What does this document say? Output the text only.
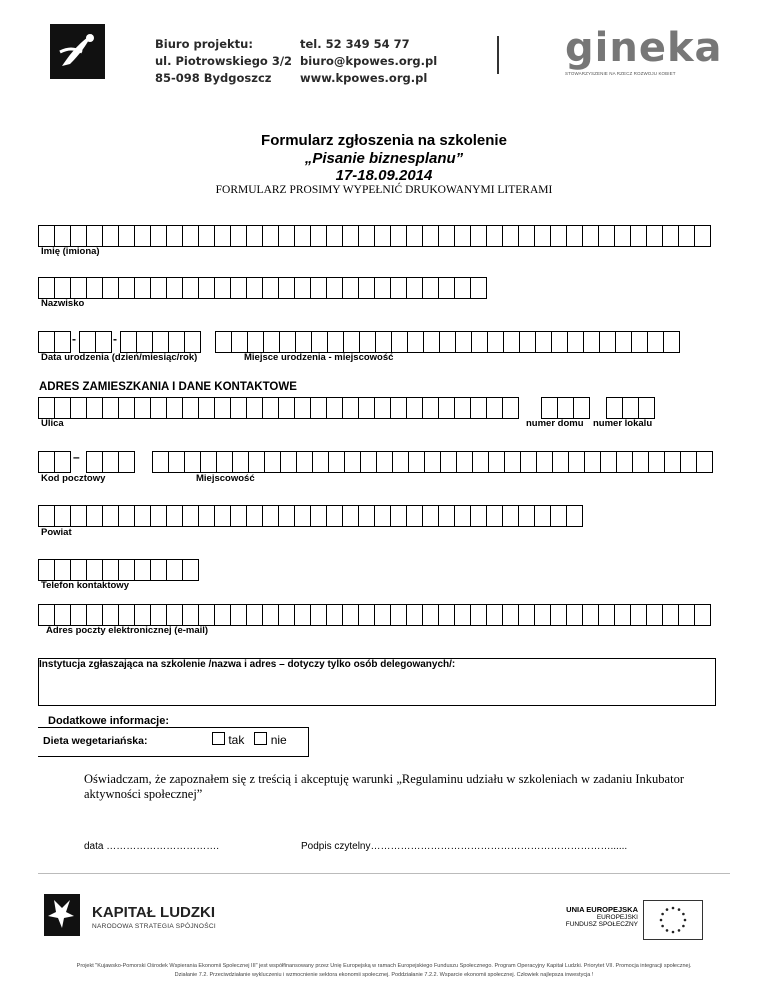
Biuro projektu:
ul. Piotrowskiego 3/2
85-098 Bydgoszcz
tel. 52 349 54 77
biuro@kpowes.org.pl
www.kpowes.org.pl
gineka
STOWARZYSZENIE NA RZECZ ROZWOJU KOBIET
Formularz zgłoszenia na szkolenie
„Pisanie biznesplanu”
17-18.09.2014
FORMULARZ PROSIMY WYPEŁNIĆ DRUKOWANYMI LITERAMI
Imię (imiona)
Nazwisko
-	-
Data urodzenia (dzień/miesiąc/rok)	Miejsce urodzenia - miejscowość
ADRES ZAMIESZKANIA I DANE KONTAKTOWE
Ulica	numer domu numer lokalu
–
Kod pocztowy	Miejscowość
Powiat
Telefon kontaktowy
Adres poczty elektronicznej (e-mail)
Instytucja zgłaszająca na szkolenie /nazwa i adres – dotyczy tylko osób delegowanych/:
Dodatkowe informacje:
Dieta wegetariańska:	tak nie
Oświadczam, że zapoznałem się z treścią i akceptuję warunki „Regulaminu udziału w szkoleniach w zadaniu Inkubator aktywności społecznej”
data …………………………….	Podpis czytelny………………………………………………………………......
KAPITAŁ LUDZKI
NARODOWA STRATEGIA SPÓJNOŚCI
UNIA EUROPEJSKA
EUROPEJSKI
FUNDUSZ SPOŁECZNY
Projekt "Kujawsko-Pomorski Ośrodek Wspierania Ekonomii Społecznej III" jest współfinansowany przez Unię Europejską w ramach Europejskiego Funduszu Społecznego. Program Operacyjny Kapitał Ludzki. Priorytet VII. Promocja integracji społecznej.
Działanie 7.2. Przeciwdziałanie wykluczeniu i wzmocnienie sektora ekonomii społecznej. Poddziałanie 7.2.2. Wsparcie ekonomii społecznej. Człowiek najlepsza inwestycja !
